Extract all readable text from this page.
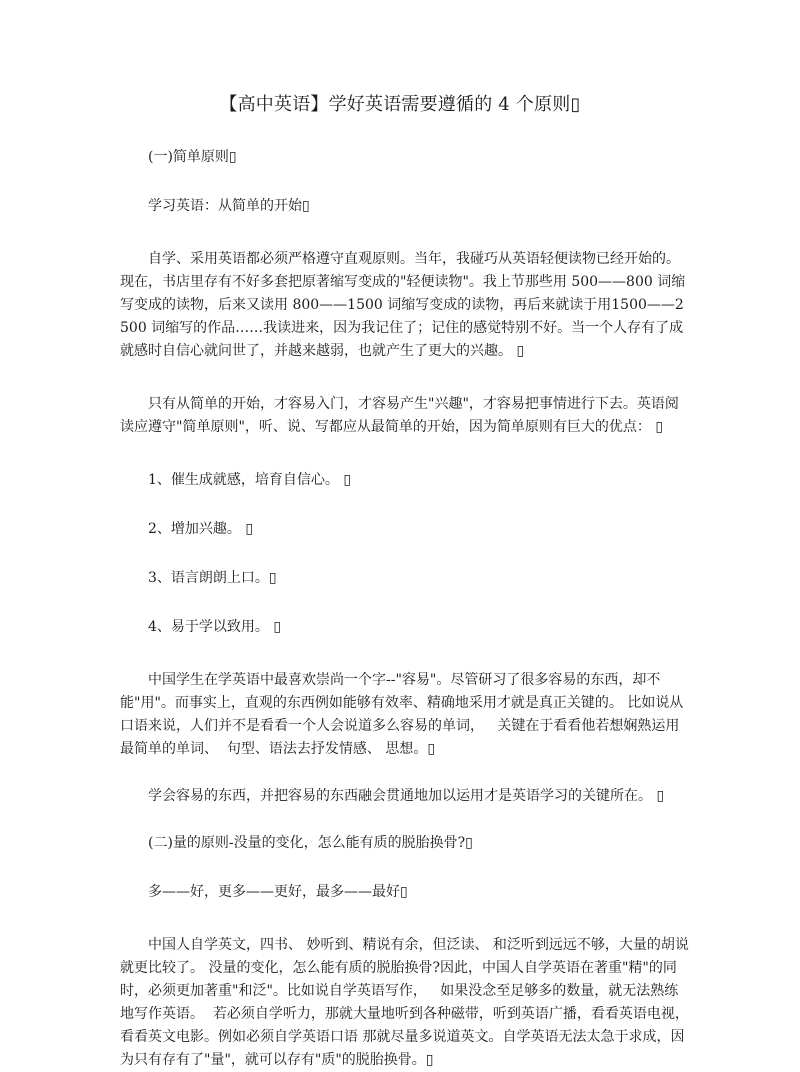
【高中英语】学好英语需要遵循的 4 个原则▯

(一)简单原则▯

学习英语：从简单的开始▯

自学、采用英语都必须严格遵守直观原则。当年，我碰巧从英语轻便读物已经开始的。现在，书店里存有不好多套把原著缩写变成的"轻便读物"。我上节那些用 500——800 词缩写变成的读物，后来又读用 800——1500 词缩写变成的读物，再后来就读于用1500——2500 词缩写的作品……我读进来，因为我记住了；记住的感觉特别不好。当一个人存有了成就感时自信心就问世了，并越来越弱，也就产生了更大的兴趣。 ▯

只有从简单的开始，才容易入门，才容易产生"兴趣"，才容易把事情进行下去。英语阅读应遵守"简单原则"，听、说、写都应从最简单的开始，因为简单原则有巨大的优点： ▯

1、催生成就感，培育自信心。 ▯

2、增加兴趣。 ▯

3、语言朗朗上口。▯

4、易于学以致用。 ▯

中国学生在学英语中最喜欢崇尚一个字--"容易"。尽管研习了很多容易的东西，却不能"用"。而事实上，直观的东西例如能够有效率、精确地采用才就是真正关键的。 比如说从口语来说，人们并不是看看一个人会说道多么容易的单词，   关键在于看看他若想娴熟运用最简单的单词、  句型、语法去抒发情感、 思想。▯

学会容易的东西，并把容易的东西融会贯通地加以运用才是英语学习的关键所在。 ▯

(二)量的原则-没量的变化，怎么能有质的脱胎换骨?▯

多——好，更多——更好，最多——最好▯

中国人自学英文，四书、 妙听到、精说有余，但泛读、 和泛听到远远不够，大量的胡说就更比较了。 没量的变化，怎么能有质的脱胎换骨?因此，中国人自学英语在著重"精"的同时，必须更加著重"和泛"。比如说自学英语写作，   如果没念至足够多的数量，就无法熟练地写作英语。  若必须自学听力，那就大量地听到各种磁带，听到英语广播，看看英语电视，看看英文电影。例如必须自学英语口语 那就尽量多说道英文。自学英语无法太急于求成，因为只有存有了"量"，就可以存有"质"的脱胎换骨。▯
